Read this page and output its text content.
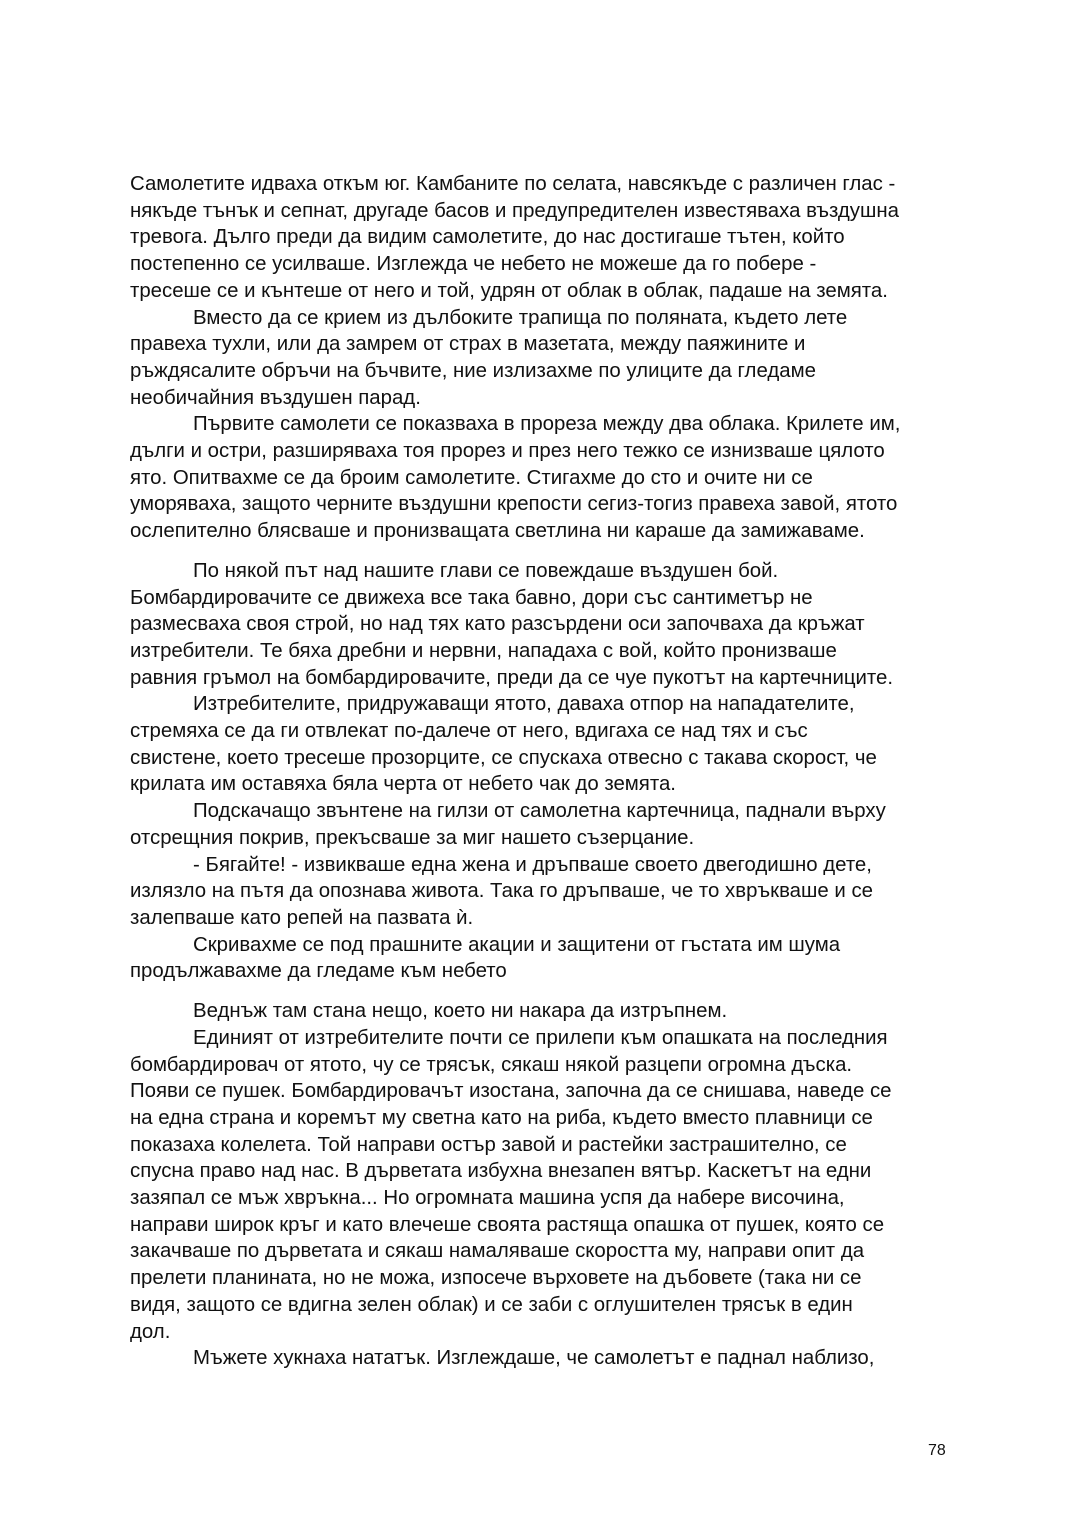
Самолетите идваха откъм юг. Камбаните по селата, навсякъде с различен глас -
някъде тънък и сепнат, другаде басов и предупредителен известяваха въздушна
тревога. Дълго преди да видим самолетите, до нас достигаше тътен, който
постепенно се усилваше. Изглежда че небето не можеше да го побере -
тресеше се и кънтеше от него и той, удрян от облак в облак, падаше на земята.

Вместо да се крием из дълбоките трапища по поляната, където лете
правеха тухли, или да замрем от страх в мазетата, между паяжините и
ръждясалите обръчи на бъчвите, ние излизахме по улиците да гледаме
необичайния въздушен парад.

Първите самолети се показваха в прореза между два облака. Крилете им,
дълги и остри, разширяваха тоя прорез и през него тежко се изнизваше цялото
ято. Опитвахме се да броим самолетите. Стигахме до сто и очите ни се
уморяваха, защото черните въздушни крепости сегиз-тогиз правеха завой, ятото
ослепително блясваше и пронизващата светлина ни караше да замижаваме.

По някой път над нашите глави се повеждаше въздушен бой.
Бомбардировачите се движеха все така бавно, дори със сантиметър не
размесваха своя строй, но над тях като разсърдени оси започваха да кръжат
изтребители. Те бяха дребни и нервни, нападаха с вой, който пронизваше
равния гръмол на бомбардировачите, преди да се чуе пукотът на картечниците.

Изтребителите, придружаващи ятото, даваха отпор на нападателите,
стремяха се да ги отвлекат по-далече от него, вдигаха се над тях и със
свистене, което тресеше прозорците, се спускаха отвесно с такава скорост, че
крилата им оставяха бяла черта от небето чак до земята.

Подскачащо звънтене на гилзи от самолетна картечница, паднали върху
отсрещния покрив, прекъсваше за миг нашето съзерцание.

- Бягайте! - извикваше една жена и дръпваше своето двегодишно дете,
излязло на пътя да опознава живота. Така го дръпваше, че то хвръкваше и се
залепваше като репей на пазвата ѝ.

Скривахме се под прашните акации и защитени от гъстата им шума
продължавахме да гледаме към небето

Веднъж там стана нещо, което ни накара да изтръпнем.

Единият от изтребителите почти се прилепи към опашката на последния
бомбардировач от ятото, чу се трясък, сякаш някой разцепи огромна дъска.
Появи се пушек. Бомбардировачът изостана, започна да се снишава, наведе се
на една страна и коремът му светна като на риба, където вместо плавници се
показаха колелета. Той направи остър завой и растейки застрашително, се
спусна право над нас. В дърветата избухна внезапен вятър. Каскетът на едни
зазяпал се мъж хвръкна... Но огромната машина успя да набере височина,
направи широк кръг и като влечеше своята растяща опашка от пушек, която се
закачваше по дърветата и сякаш намаляваше скоростта му, направи опит да
прелети планината, но не можа, изпосече върховете на дъбовете (така ни се
видя, защото се вдигна зелен облак) и се заби с оглушителен трясък в един
дол.

Мъжете хукнаха нататък. Изглеждаше, че самолетът е паднал наблизо,

78
